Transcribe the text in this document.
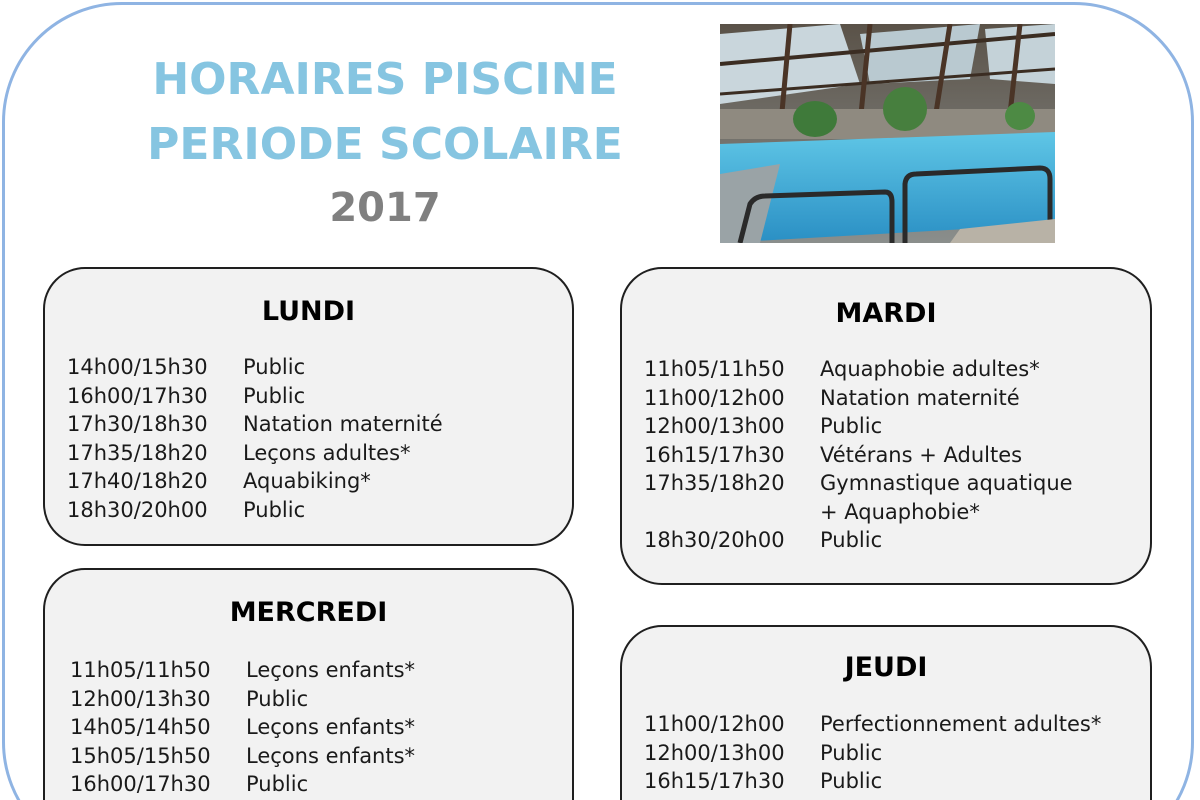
HORAIRES PISCINE
PERIODE SCOLAIRE
2017
LUNDI
14h00/15h30	Public
16h00/17h30	Public
17h30/18h30	Natation maternité
17h35/18h20	Leçons adultes*
17h40/18h20	Aquabiking*
18h30/20h00	Public
MARDI
11h05/11h50	Aquaphobie adultes*
11h00/12h00	Natation maternité
12h00/13h00	Public
16h15/17h30	Vétérans + Adultes
17h35/18h20	Gymnastique aquatique
+ Aquaphobie*
18h30/20h00	Public
MERCREDI
11h05/11h50	Leçons enfants*
12h00/13h30	Public
14h05/14h50	Leçons enfants*
15h05/15h50	Leçons enfants*
16h00/17h30	Public
JEUDI
11h00/12h00	Perfectionnement adultes*
12h00/13h00	Public
16h15/17h30	Public
